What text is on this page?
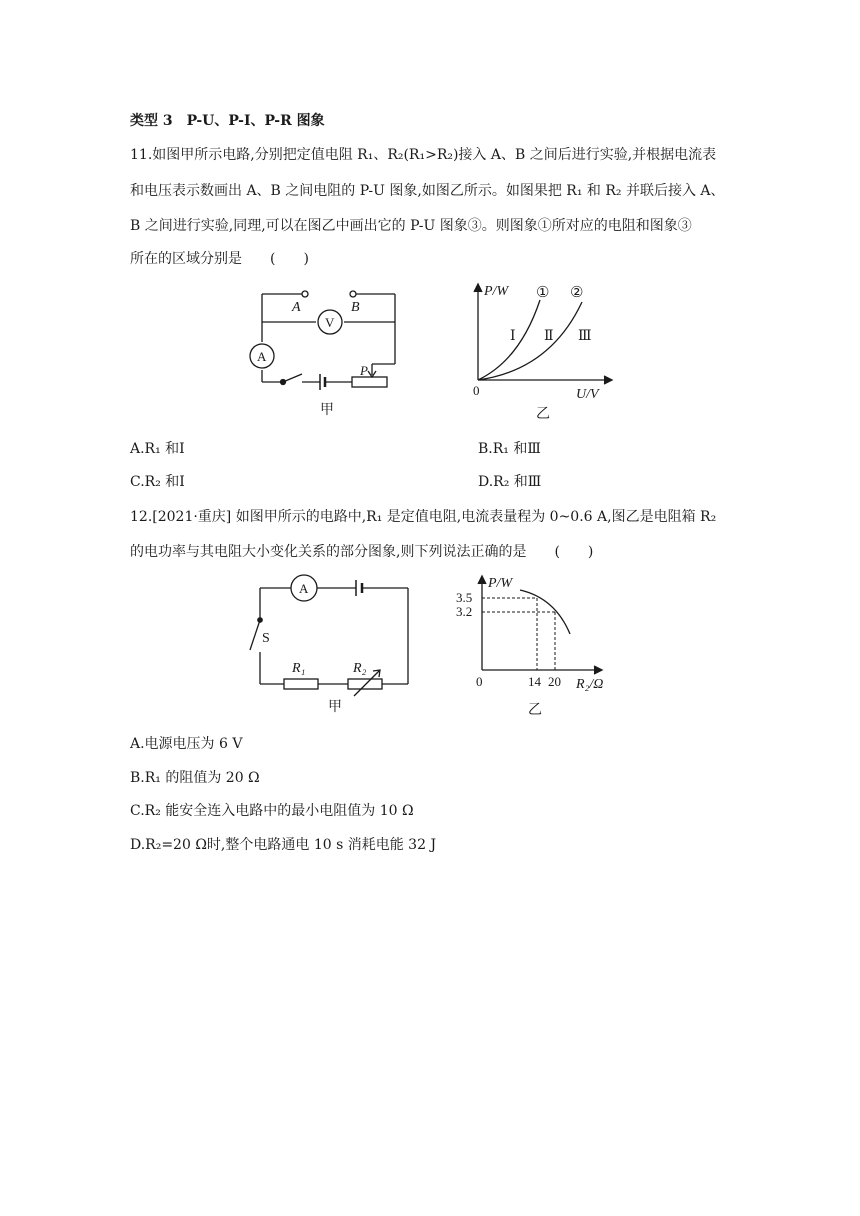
类型 3　P-U、P-I、P-R 图象
11.如图甲所示电路,分别把定值电阻 R₁、R₂(R₁>R₂)接入 A、B 之间后进行实验,并根据电流表
和电压表示数画出 A、B 之间电阻的 P-U 图象,如图乙所示。如图果把 R₁ 和 R₂ 并联后接入 A、
B 之间进行实验,同理,可以在图乙中画出它的 P-U 图象③。则图象①所对应的电阻和图象③
所在的区域分别是　　(　　)
A	B
V
A
P
甲
P/W
U/V
0
① ②
Ⅰ Ⅱ Ⅲ
乙
A.R₁ 和Ⅰ	B.R₁ 和Ⅲ
C.R₂ 和Ⅰ	D.R₂ 和Ⅲ
12.[2021·重庆] 如图甲所示的电路中,R₁ 是定值电阻,电流表量程为 0~0.6 A,图乙是电阻箱 R₂
的电功率与其电阻大小变化关系的部分图象,则下列说法正确的是　　(　　)
A
S
R₁	R₂
甲
P/W
R₂/Ω
0
3.5
3.2
14 20
乙
A.电源电压为 6 V
B.R₁ 的阻值为 20 Ω
C.R₂ 能安全连入电路中的最小电阻值为 10 Ω
D.R₂=20 Ω时,整个电路通电 10 s 消耗电能 32 J
